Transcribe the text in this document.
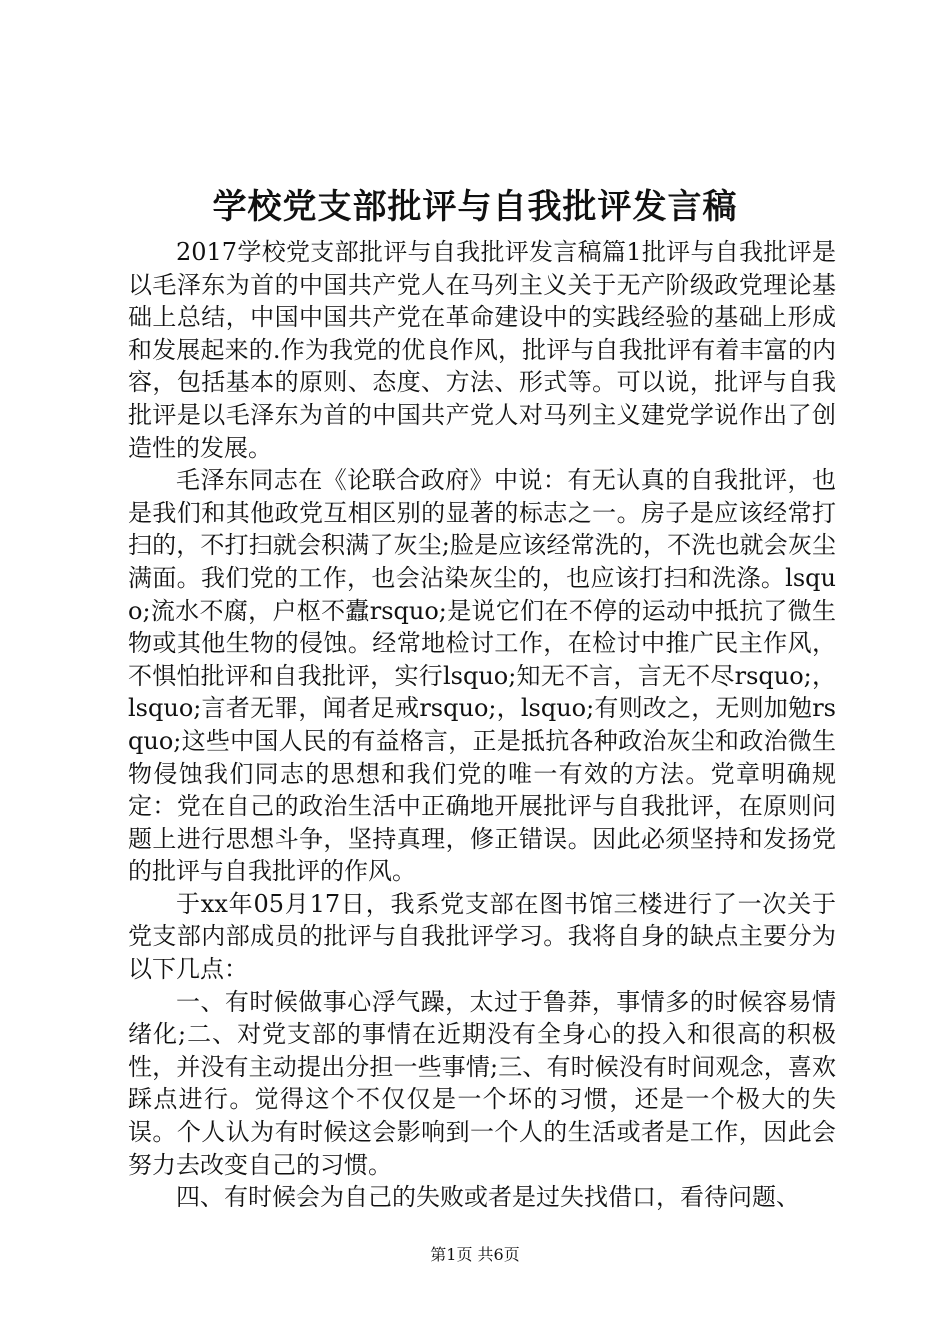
学校党支部批评与自我批评发言稿

2017学校党支部批评与自我批评发言稿篇1批评与自我批评是以毛泽东为首的中国共产党人在马列主义关于无产阶级政党理论基础上总结，中国中国共产党在革命建设中的实践经验的基础上形成和发展起来的.作为我党的优良作风，批评与自我批评有着丰富的内容，包括基本的原则、态度、方法、形式等。可以说，批评与自我批评是以毛泽东为首的中国共产党人对马列主义建党学说作出了创造性的发展。

毛泽东同志在《论联合政府》中说：有无认真的自我批评，也是我们和其他政党互相区别的显著的标志之一。房子是应该经常打扫的，不打扫就会积满了灰尘;脸是应该经常洗的，不洗也就会灰尘满面。我们党的工作，也会沾染灰尘的，也应该打扫和洗涤。lsquo;流水不腐，户枢不蠹rsquo;是说它们在不停的运动中抵抗了微生物或其他生物的侵蚀。经常地检讨工作，在检讨中推广民主作风，不惧怕批评和自我批评，实行lsquo;知无不言，言无不尽rsquo;，lsquo;言者无罪，闻者足戒rsquo;，lsquo;有则改之，无则加勉rsquo;这些中国人民的有益格言，正是抵抗各种政治灰尘和政治微生物侵蚀我们同志的思想和我们党的唯一有效的方法。党章明确规定：党在自己的政治生活中正确地开展批评与自我批评，在原则问题上进行思想斗争，坚持真理，修正错误。因此必须坚持和发扬党的批评与自我批评的作风。

于xx年05月17日，我系党支部在图书馆三楼进行了一次关于党支部内部成员的批评与自我批评学习。我将自身的缺点主要分为以下几点：

一、有时候做事心浮气躁，太过于鲁莽，事情多的时候容易情绪化;二、对党支部的事情在近期没有全身心的投入和很高的积极性，并没有主动提出分担一些事情;三、有时候没有时间观念，喜欢踩点进行。觉得这个不仅仅是一个坏的习惯，还是一个极大的失误。个人认为有时候这会影响到一个人的生活或者是工作，因此会努力去改变自己的习惯。

四、有时候会为自己的失败或者是过失找借口，看待问题、

第1页 共6页
